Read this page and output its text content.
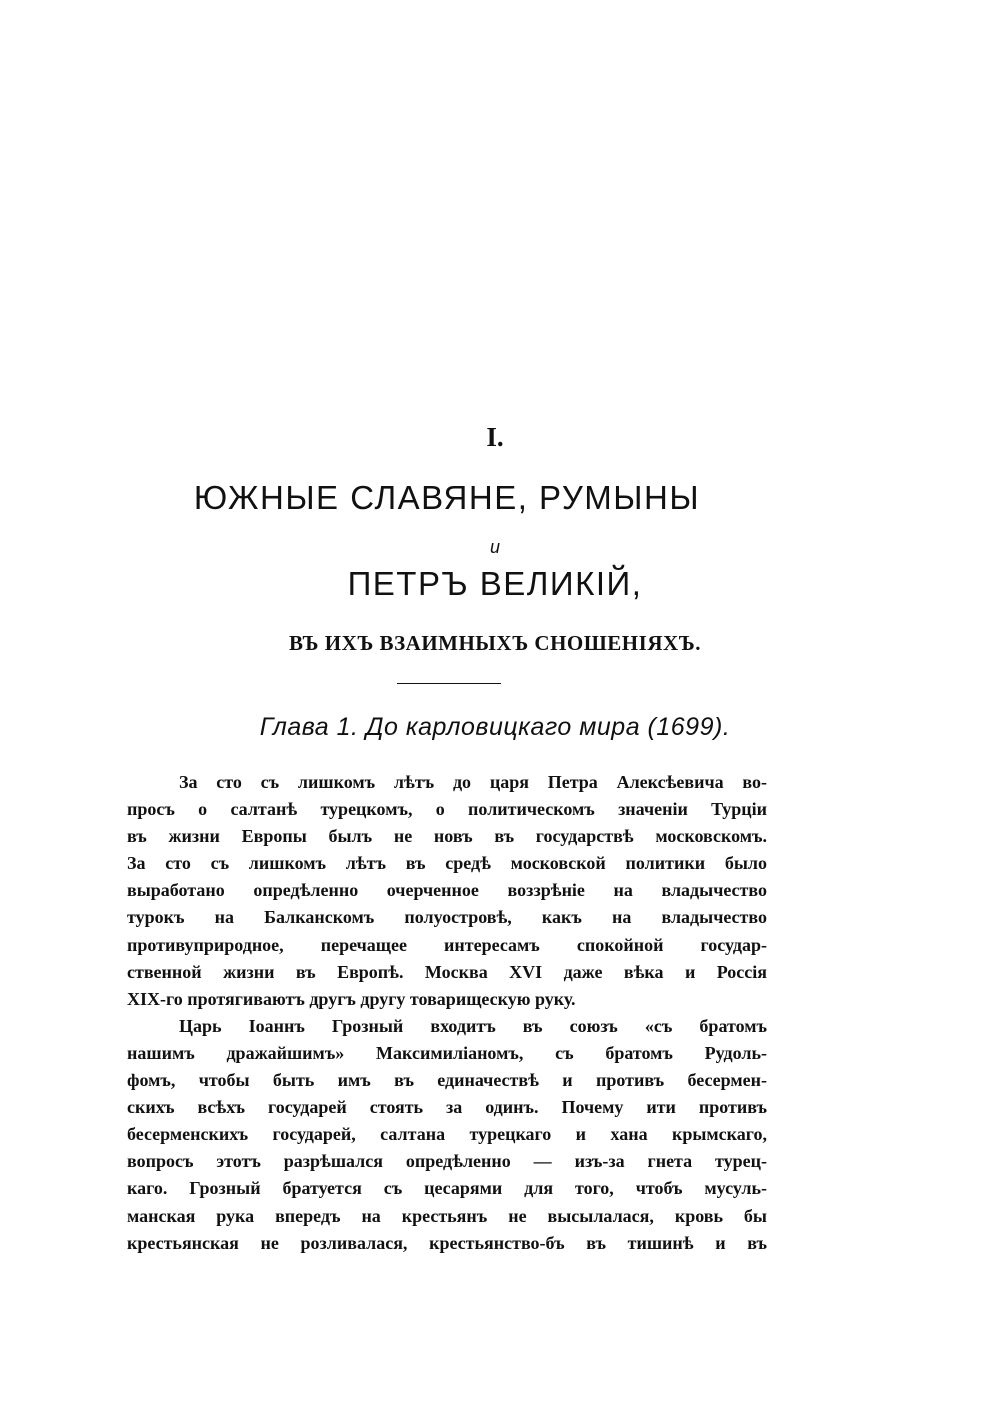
I.
ЮЖНЫЕ СЛАВЯНЕ, РУМЫНЫ
и
ПЕТРЪ ВЕЛИКІЙ,
ВЪ ИХЪ ВЗАИМНЫХЪ СНОШЕНІЯХЪ.
Глава 1. До карловицкаго мира (1699).
За сто съ лишкомъ лѣтъ до царя Петра Алексѣевича во-
просъ о салтанѣ турецкомъ, о политическомъ значеніи Турціи
въ жизни Европы былъ не новъ въ государствѣ московскомъ.
За сто съ лишкомъ лѣтъ въ средѣ московской политики было
выработано опредѣленно очерченное воззрѣніе на владычество
турокъ на Балканскомъ полуостровѣ, какъ на владычество
противуприродное, перечащее интересамъ спокойной государ-
ственной жизни въ Европѣ. Москва XVI даже вѣка и Россія
XIX-го протягиваютъ другъ другу товарищескую руку.
Царь Іоаннъ Грозный входитъ въ союзъ «съ братомъ
нашимъ дражайшимъ» Максимиліаномъ, съ братомъ Рудоль-
фомъ, чтобы быть имъ въ единачествѣ и противъ бесермен-
скихъ всѣхъ государей стоять за одинъ. Почему ити противъ
бесерменскихъ государей, салтана турецкаго и хана крымскаго,
вопросъ этотъ разрѣшался опредѣленно — изъ-за гнета турец-
каго. Грозный братуется съ цесарями для того, чтобъ мусуль-
манская рука впередъ на крестьянъ не высылалася, кровь бы
крестьянская не розливалася, крестьянство-бъ въ тишинѣ и въ
